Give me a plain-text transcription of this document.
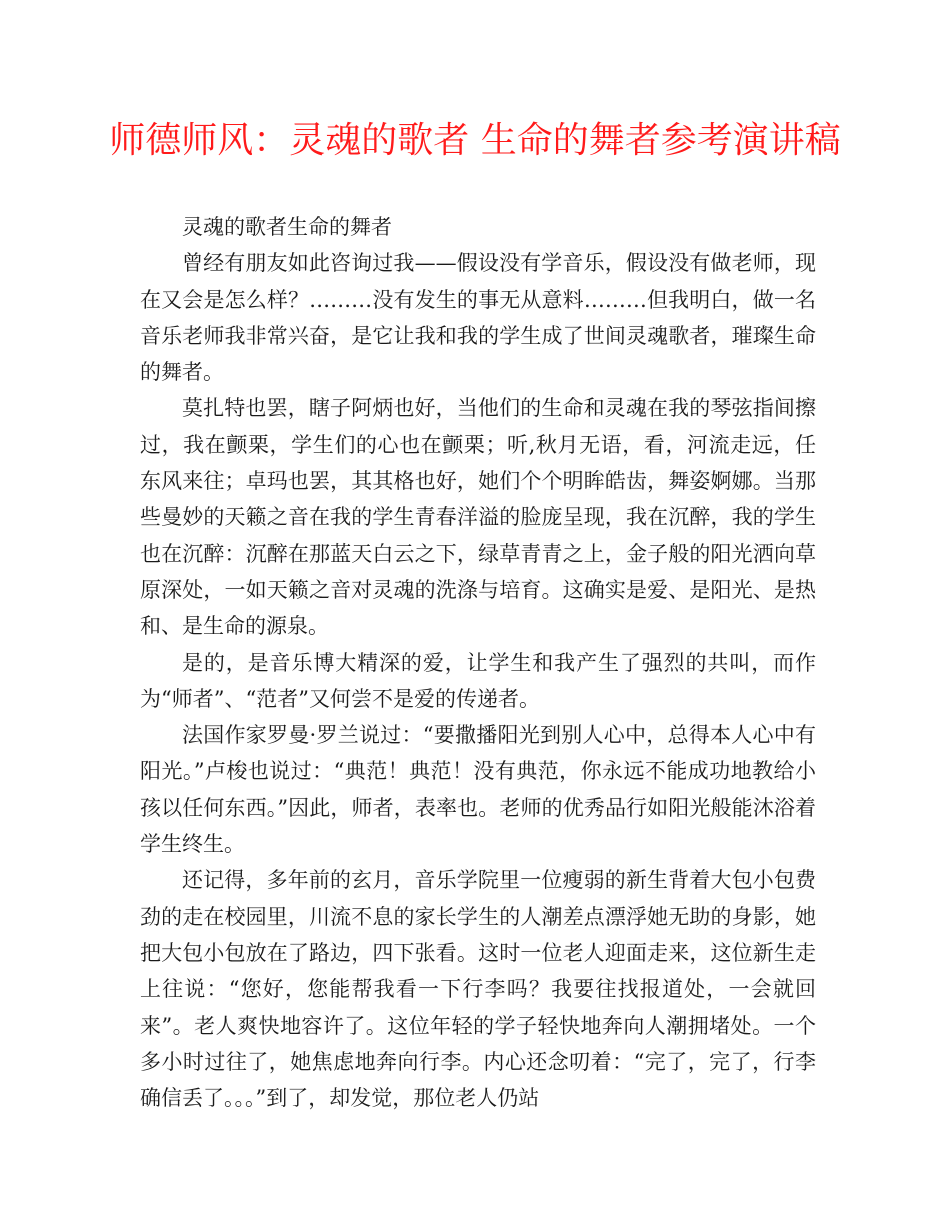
师德师风：灵魂的歌者 生命的舞者参考演讲稿

灵魂的歌者生命的舞者

曾经有朋友如此咨询过我——假设没有学音乐，假设没有做老师，现在又会是怎么样？………没有发生的事无从意料………但我明白，做一名音乐老师我非常兴奋，是它让我和我的学生成了世间灵魂歌者，璀璨生命的舞者。

莫扎特也罢，瞎子阿炳也好，当他们的生命和灵魂在我的琴弦指间擦过，我在颤栗，学生们的心也在颤栗；听,秋月无语，看，河流走远，任东风来往；卓玛也罢，其其格也好，她们个个明眸皓齿，舞姿婀娜。当那些曼妙的天籁之音在我的学生青春洋溢的脸庞呈现，我在沉醉，我的学生也在沉醉：沉醉在那蓝天白云之下，绿草青青之上，金子般的阳光洒向草原深处，一如天籁之音对灵魂的洗涤与培育。这确实是爱、是阳光、是热和、是生命的源泉。

是的，是音乐博大精深的爱，让学生和我产生了强烈的共叫，而作为“师者”、“范者”又何尝不是爱的传递者。

法国作家罗曼·罗兰说过：“要撒播阳光到别人心中，总得本人心中有阳光。”卢梭也说过：“典范！典范！没有典范，你永远不能成功地教给小孩以任何东西。”因此，师者，表率也。老师的优秀品行如阳光般能沐浴着学生终生。

还记得，多年前的玄月，音乐学院里一位瘦弱的新生背着大包小包费劲的走在校园里，川流不息的家长学生的人潮差点漂浮她无助的身影，她把大包小包放在了路边，四下张看。这时一位老人迎面走来，这位新生走上往说：“您好，您能帮我看一下行李吗？我要往找报道处，一会就回来”。老人爽快地容许了。这位年轻的学子轻快地奔向人潮拥堵处。一个多小时过往了，她焦虑地奔向行李。内心还念叨着：“完了，完了，行李确信丢了。。。”到了，却发觉，那位老人仍站
